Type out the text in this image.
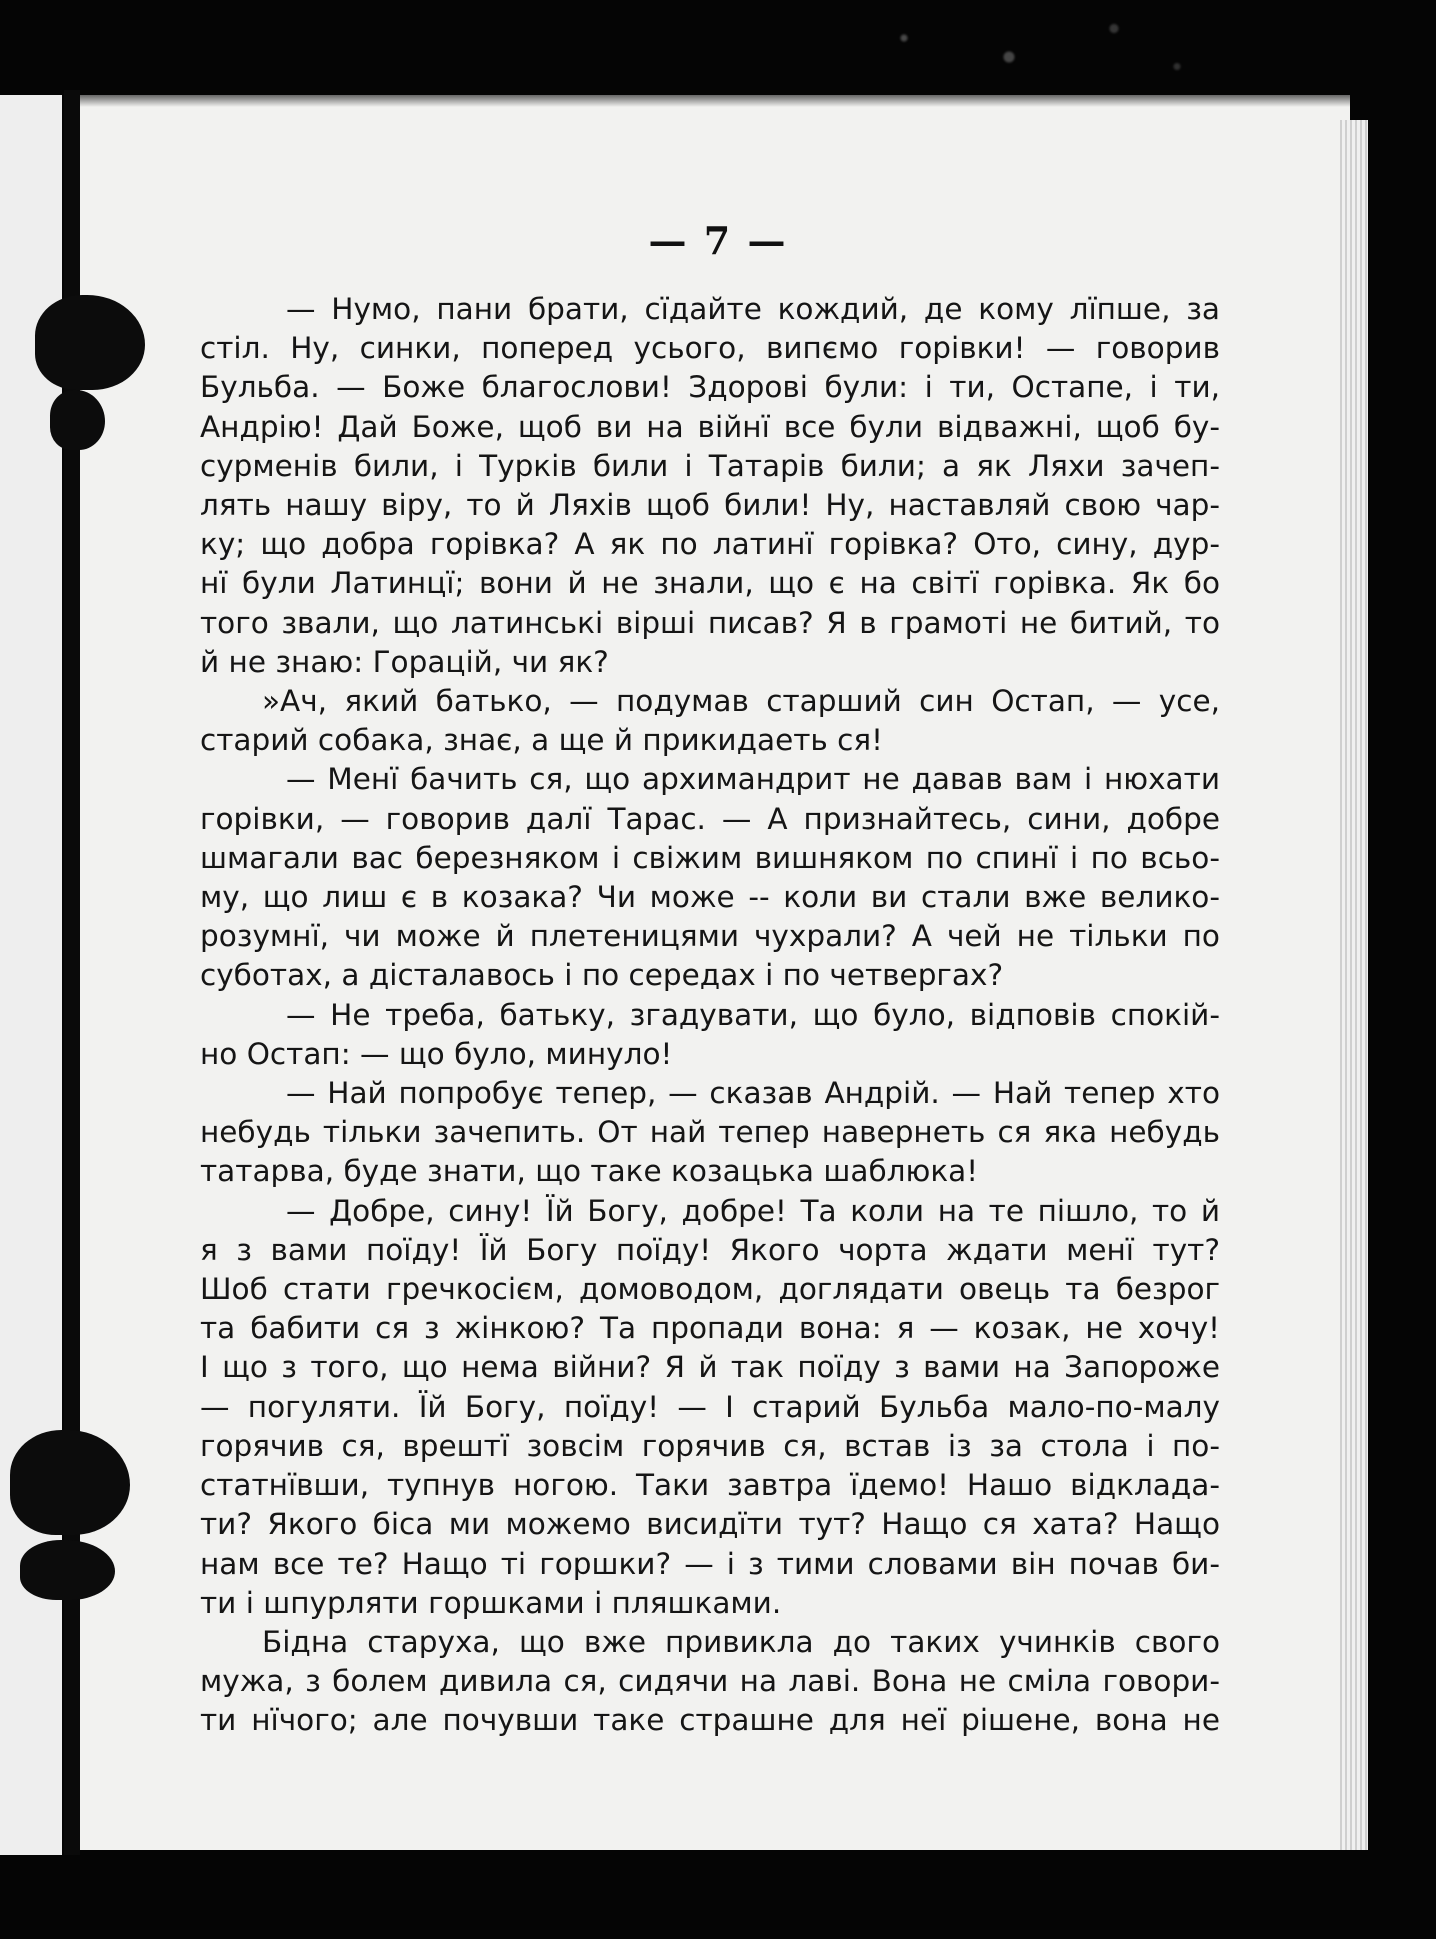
— 7 —
— Нумо, пани брати, сїдайте кождий, де кому лїпше, за
стіл. Ну, синки, поперед усього, випємо горівки! — говорив
Бульба. — Боже благослови! Здорові були: і ти, Остапе, і ти,
Андрію! Дай Боже, щоб ви на війнї все були відважні, щоб бу-
сурменів били, і Турків били і Татарів били; а як Ляхи зачеп-
лять нашу віру, то й Ляхів щоб били! Ну, наставляй свою чар-
ку; що добра горівка? А як по латинї горівка? Ото, сину, дур-
нї були Латинцї; вони й не знали, що є на світї горівка. Як бо
того звали, що латинські вірші писав? Я в грамоті не битий, то
й не знаю: Горацій, чи як?
»Ач, який батько, — подумав старший син Остап, — усе,
старий собака, знає, а ще й прикидаеть ся!
— Менї бачить ся, що архимандрит не давав вам і нюхати
горівки, — говорив далї Тарас. — А признайтесь, сини, добре
шмагали вас березняком і свіжим вишняком по спинї і по всьо-
му, що лиш є в козака? Чи може -- коли ви стали вже велико-
розумнї, чи може й плетеницями чухрали? А чей не тільки по
суботах, а дісталавось і по середах і по четвергах?
— Не треба, батьку, згадувати, що було, відповів спокій-
но Остап: — що було, минуло!
— Най попробує тепер, — сказав Андрій. — Най тепер хто
небудь тільки зачепить. От най тепер навернеть ся яка небудь
татарва, буде знати, що таке козацька шаблюка!
— Добре, сину! Їй Богу, добре! Та коли на те пішло, то й
я з вами поїду! Їй Богу поїду! Якого чорта ждати менї тут?
Шоб стати гречкосієм, домоводом, доглядати овець та безрог
та бабити ся з жінкою? Та пропади вона: я — козак, не хочу!
І що з того, що нема війни? Я й так поїду з вами на Запороже
— погуляти. Їй Богу, поїду! — І старий Бульба мало-по-малу
горячив ся, врештї зовсім горячив ся, встав із за стола і по-
статнївши, тупнув ногою. Таки завтра їдемо! Нашо відклада-
ти? Якого біса ми можемо висидїти тут? Нащо ся хата? Нащо
нам все те? Нащо ті горшки? — і з тими словами він почав би-
ти і шпурляти горшками і пляшками.
Бідна старуха, що вже привикла до таких учинків свого
мужа, з болем дивила ся, сидячи на лаві. Вона не сміла говори-
ти нїчого; але почувши таке страшне для неї рішене, вона не
